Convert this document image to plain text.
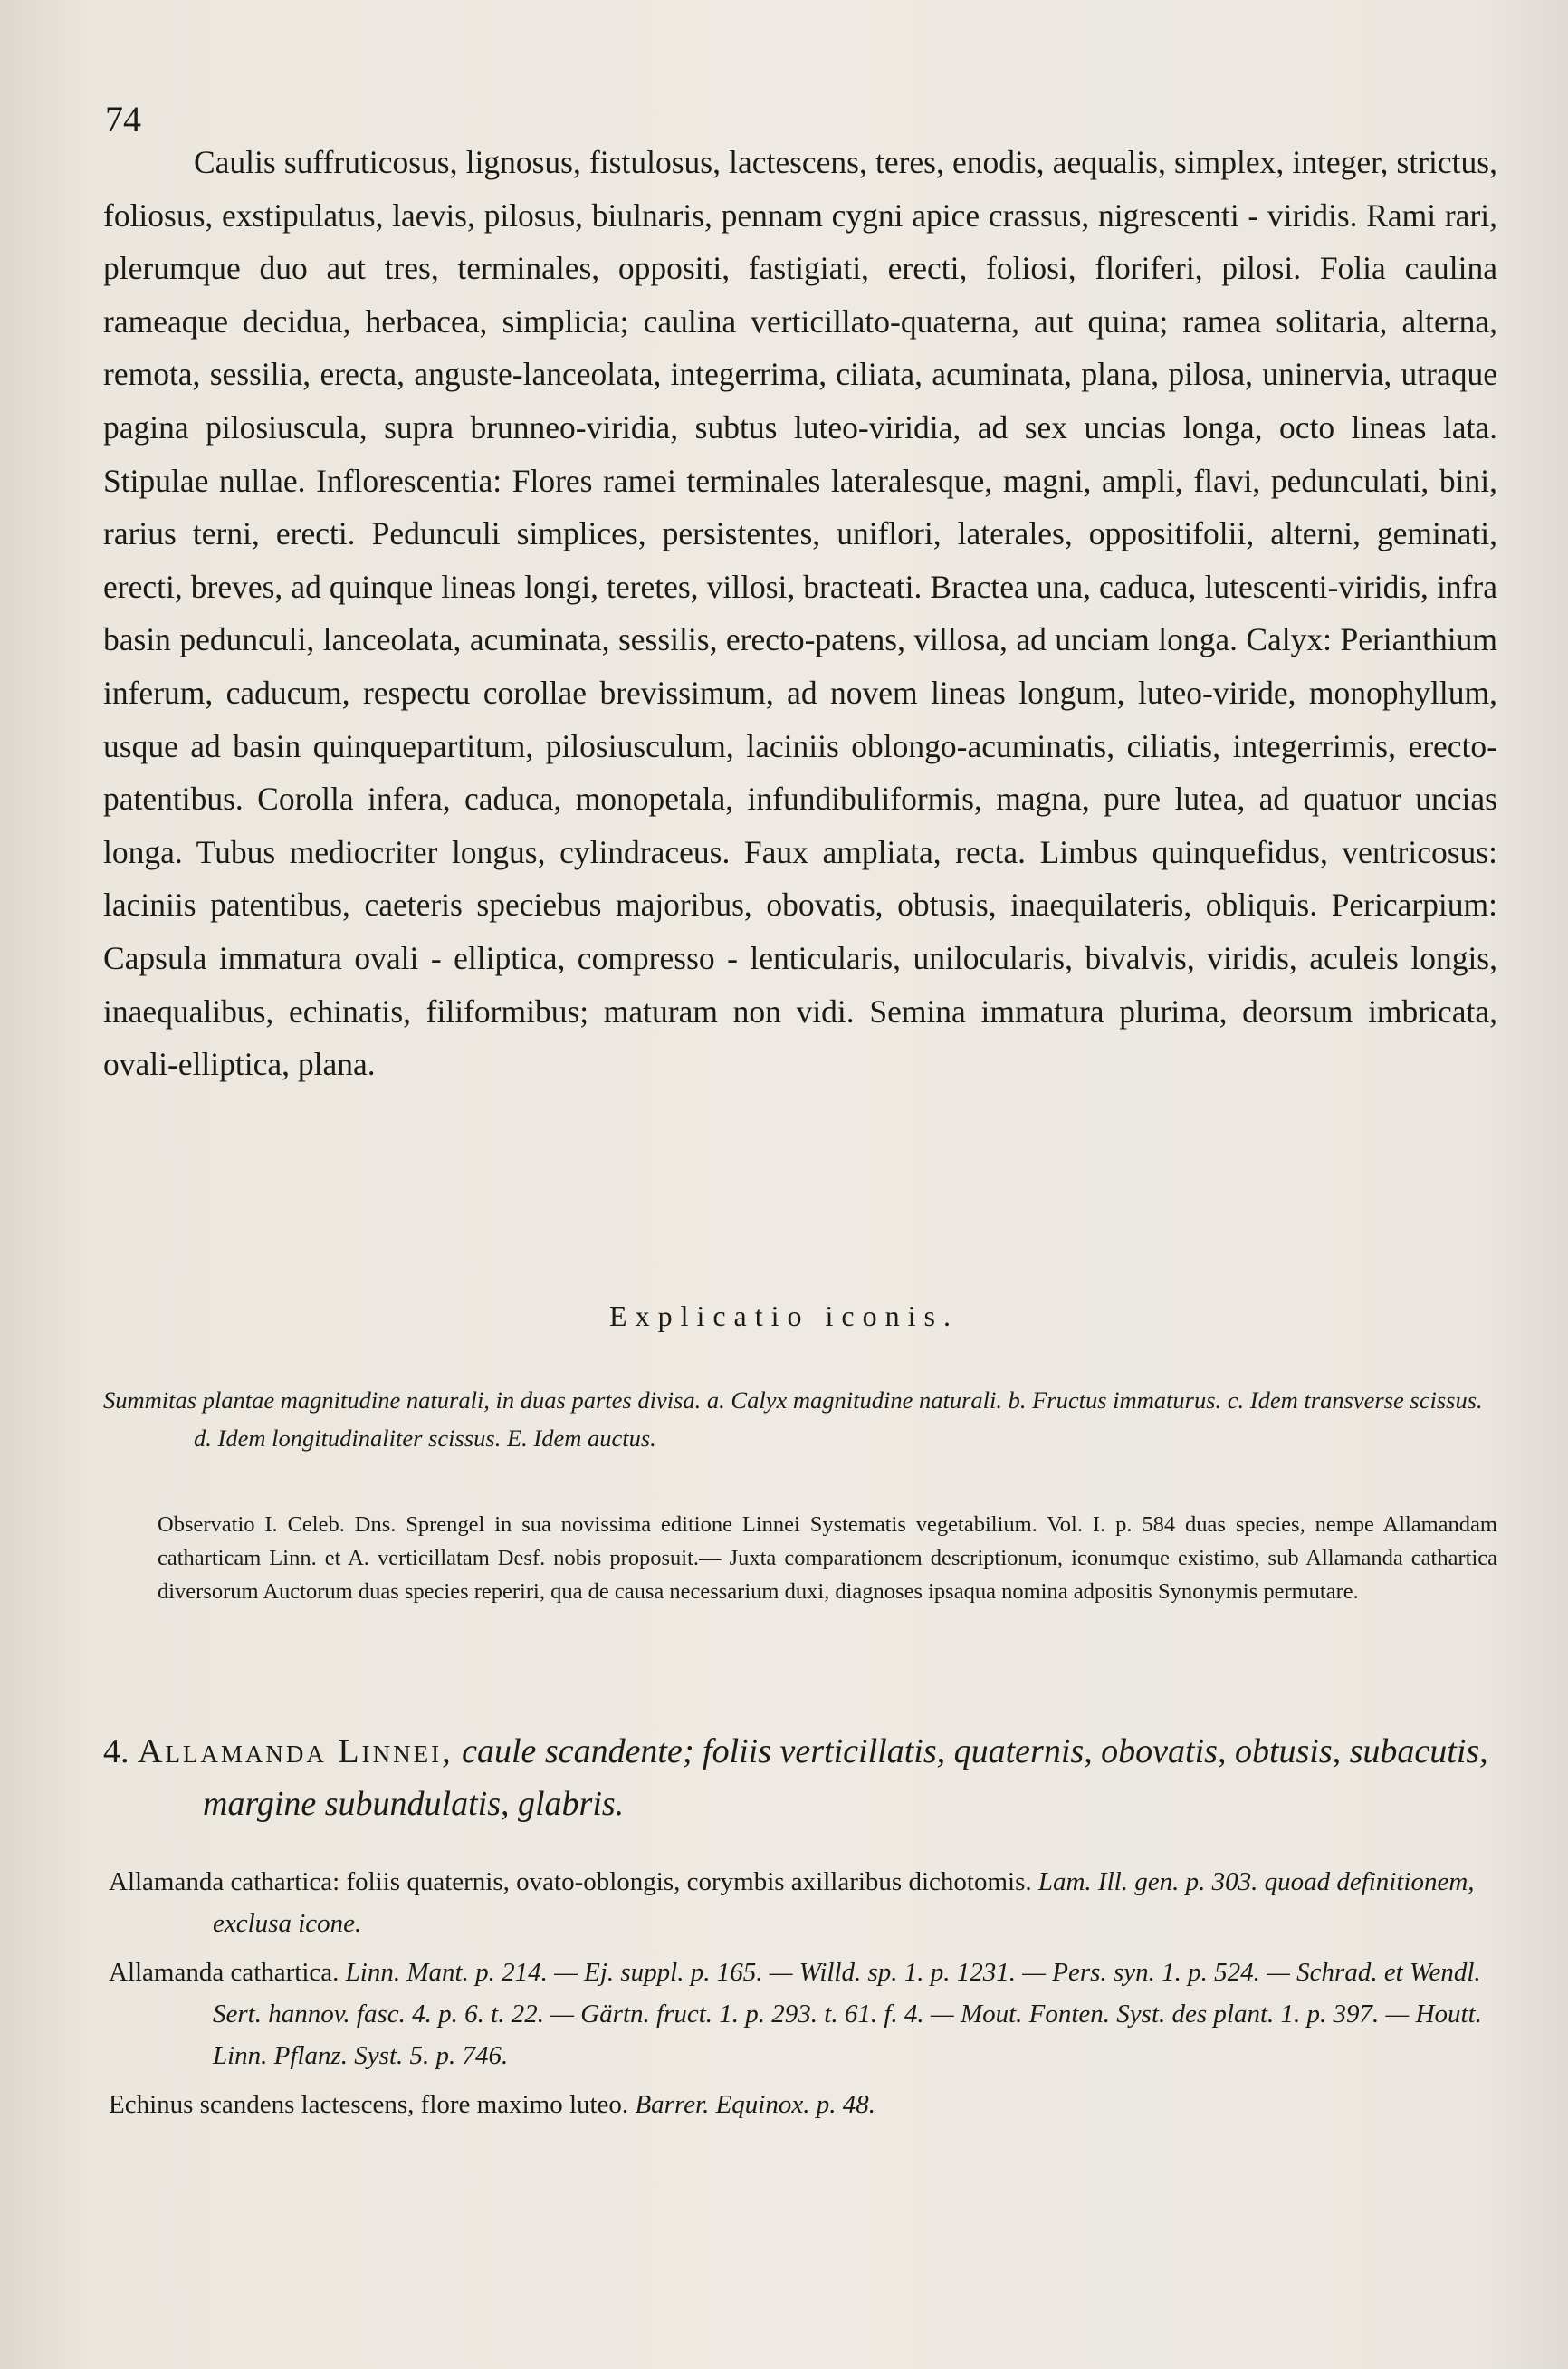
74

Caulis suffruticosus, lignosus, fistulosus, lactescens, teres, enodis, aequalis, simplex, integer, strictus, foliosus, exstipulatus, laevis, pilosus, biulnaris, pennam cygni apice crassus, nigrescenti - viridis. Rami rari, plerumque duo aut tres, terminales, oppositi, fastigiati, erecti, foliosi, floriferi, pilosi. Folia caulina rameaque decidua, herbacea, simplicia; caulina verticillato-quaterna, aut quina; ramea solitaria, alterna, remota, sessilia, erecta, anguste-lanceolata, integerrima, ciliata, acuminata, plana, pilosa, uninervia, utraque pagina pilosiuscula, supra brunneo-viridia, subtus luteo-viridia, ad sex uncias longa, octo lineas lata. Stipulae nullae. Inflorescentia: Flores ramei terminales lateralesque, magni, ampli, flavi, pedunculati, bini, rarius terni, erecti. Pedunculi simplices, persistentes, uniflori, laterales, oppositifolii, alterni, geminati, erecti, breves, ad quinque lineas longi, teretes, villosi, bracteati. Bractea una, caduca, lutescenti-viridis, infra basin pedunculi, lanceolata, acuminata, sessilis, erecto-patens, villosa, ad unciam longa. Calyx: Perianthium inferum, caducum, respectu corollae brevissimum, ad novem lineas longum, luteo-viride, monophyllum, usque ad basin quinquepartitum, pilosiusculum, laciniis oblongo-acuminatis, ciliatis, integerrimis, erecto-patentibus. Corolla infera, caduca, monopetala, infundibuliformis, magna, pure lutea, ad quatuor uncias longa. Tubus mediocriter longus, cylindraceus. Faux ampliata, recta. Limbus quinquefidus, ventricosus: laciniis patentibus, caeteris speciebus majoribus, obovatis, obtusis, inaequilateris, obliquis. Pericarpium: Capsula immatura ovali - elliptica, compresso - lenticularis, unilocularis, bivalvis, viridis, aculeis longis, inaequalibus, echinatis, filiformibus; maturam non vidi. Semina immatura plurima, deorsum imbricata, ovali-elliptica, plana.

Explicatio iconis.

Summitas plantae magnitudine naturali, in duas partes divisa. a. Calyx magnitudine naturali. b. Fructus immaturus. c. Idem transverse scissus. d. Idem longitudinaliter scissus. E. Idem auctus.

Observatio I. Celeb. Dns. Sprengel in sua novissima editione Linnei Systematis vegetabilium. Vol. I. p. 584 duas species, nempe Allamandam catharticam Linn. et A. verticillatam Desf. nobis proposuit.— Juxta comparationem descriptionum, iconumque existimo, sub Allamanda cathartica diversorum Auctorum duas species reperiri, qua de causa necessarium duxi, diagnoses ipsaqua nomina adpositis Synonymis permutare.

4. Allamanda Linnei, caule scandente; foliis verticillatis, quaternis, obovatis, obtusis, subacutis, margine subundulatis, glabris.

Allamanda cathartica: foliis quaternis, ovato-oblongis, corymbis axillaribus dichotomis. Lam. Ill. gen. p. 303. quoad definitionem, exclusa icone.
Allamanda cathartica. Linn. Mant. p. 214. — Ej. suppl. p. 165. — Willd. sp. 1. p. 1231. — Pers. syn. 1. p. 524. — Schrad. et Wendl. Sert. hannov. fasc. 4. p. 6. t. 22. — Gärtn. fruct. 1. p. 293. t. 61. f. 4. — Mout. Fonten. Syst. des plant. 1. p. 397. — Houtt. Linn. Pflanz. Syst. 5. p. 746.
Echinus scandens lactescens, flore maximo luteo. Barrer. Equinox. p. 48.
